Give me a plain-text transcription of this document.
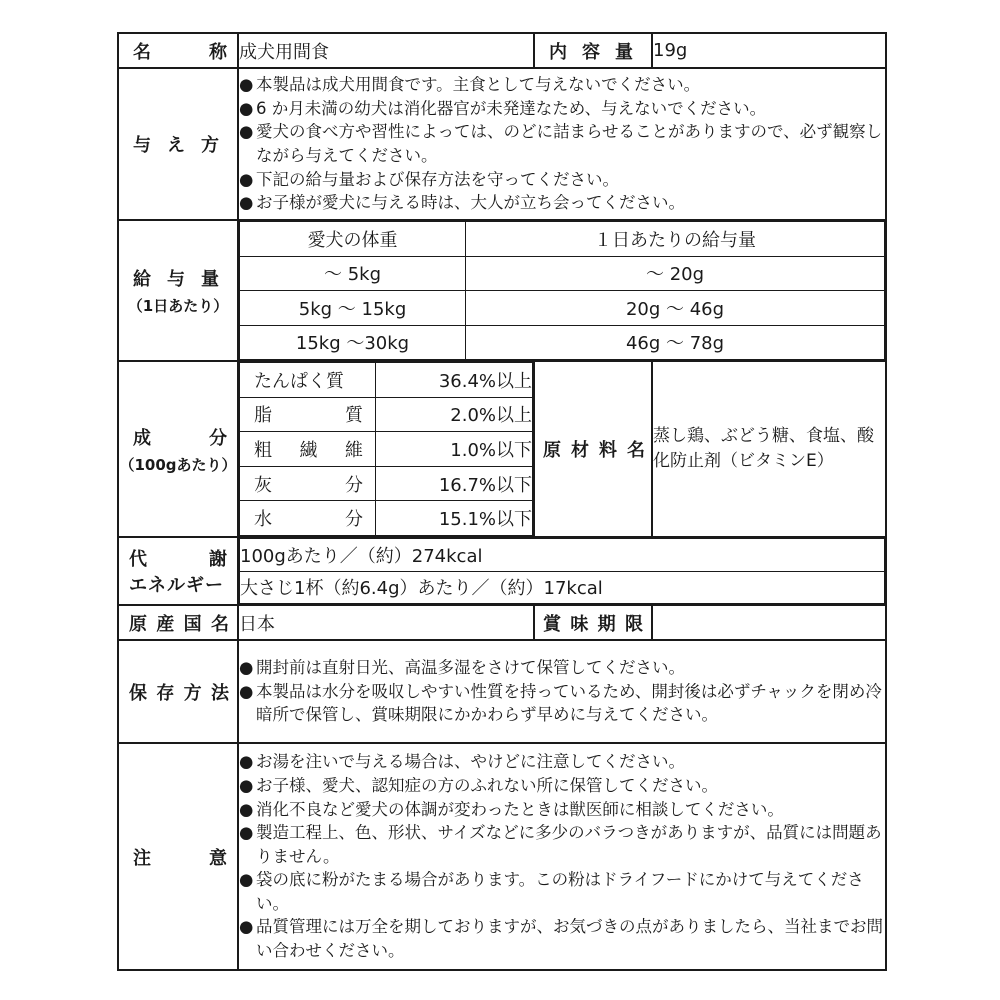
名	称	成犬用間食	内 容 量	19g

与 え 方

● 本製品は成犬用間食です。主食として与えないでください。
● 6 か月未満の幼犬は消化器官が未発達なため、与えないでください。
● 愛犬の食べ方や習性によっては、のどに詰まらせることがありますので、必ず観察しながら与えてください。
● 下記の給与量および保存方法を守ってください。
● お子様が愛犬に与える時は、大人が立ち会ってください。

給 与 量
（1日あたり）

愛犬の体重	１日あたりの給与量
～ 5kg	～ 20g
5kg ～ 15kg	20g ～ 46g
15kg ～30kg	46g ～ 78g

成	分
（100gあたり）

たんぱく質	36.4%以上

脂	質	2.0%以上

粗 繊 維	1.0%以下

灰	分	16.7%以下

水	分	15.1%以下

原 材 料 名
	蒸し鶏、ぶどう糖、食塩、酸化防止剤（ビタミンE）

代	謝
エネルギー

100gあたり／（約）274kcal
大さじ1杯（約6.4g）あたり／（約）17kcal

原 産 国 名	日本	賞 味 期 限

保 存 方 法

● 開封前は直射日光、高温多湿をさけて保管してください。
● 本製品は水分を吸収しやすい性質を持っているため、開封後は必ずチャックを閉め冷暗所で保管し、賞味期限にかかわらず早めに与えてください。

注	意

● お湯を注いで与える場合は、やけどに注意してください。
● お子様、愛犬、認知症の方のふれない所に保管してください。
● 消化不良など愛犬の体調が変わったときは獣医師に相談してください。
● 製造工程上、色、形状、サイズなどに多少のバラつきがありますが、品質には問題ありません。
● 袋の底に粉がたまる場合があります。この粉はドライフードにかけて与えてください。
● 品質管理には万全を期しておりますが、お気づきの点がありましたら、当社までお問い合わせください。
